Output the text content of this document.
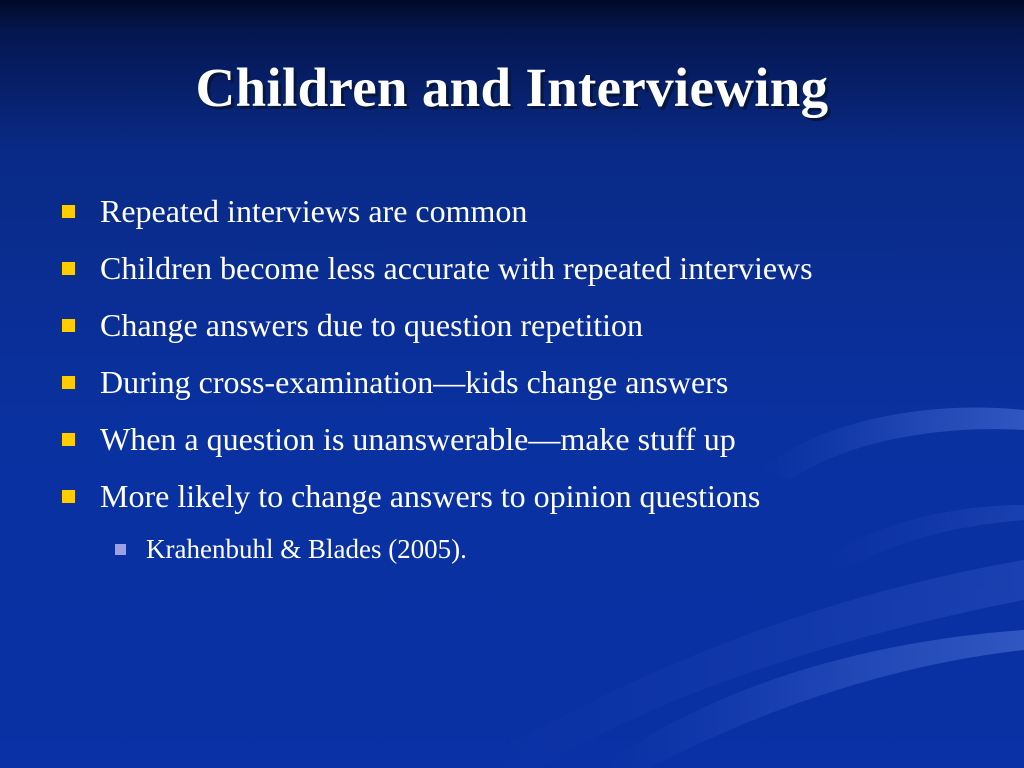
Children and Interviewing
Repeated interviews are common
Children become less accurate with repeated interviews
Change answers due to question repetition
During cross-examination—kids change answers
When a question is unanswerable—make stuff up
More likely to change answers to opinion questions
Krahenbuhl & Blades (2005).
